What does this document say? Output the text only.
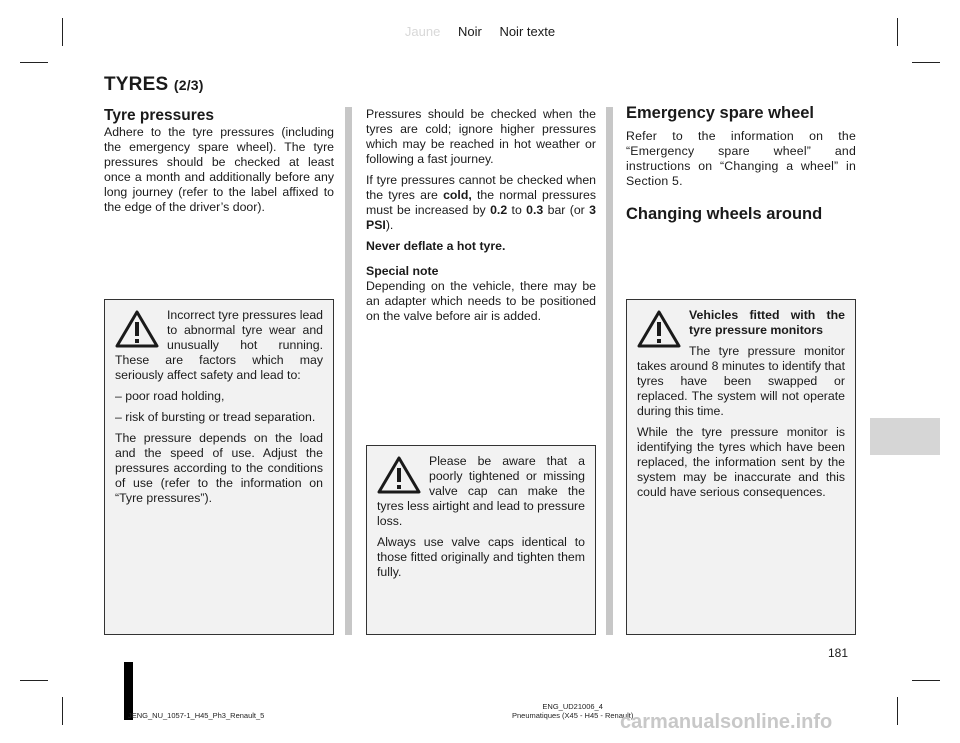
Jaune Noir Noir texte
TYRES (2/3)
Tyre pressures

Adhere to the tyre pressures (including the emergency spare wheel). The tyre pressures should be checked at least once a month and additionally before any long journey (refer to the label affixed to the edge of the driver’s door).

Incorrect tyre pressures lead to abnormal tyre wear and unusually hot running. These are factors which may seriously affect safety and lead to:

– poor road holding,

– risk of bursting or tread separation.

The pressure depends on the load and the speed of use. Adjust the pressures according to the conditions of use (refer to the information on “Tyre pressures”).

Pressures should be checked when the tyres are cold; ignore higher pressures which may be reached in hot weather or following a fast journey.

If tyre pressures cannot be checked when the tyres are cold, the normal pressures must be increased by 0.2 to 0.3 bar (or 3 PSI).

Never deflate a hot tyre.

Special note

Depending on the vehicle, there may be an adapter which needs to be positioned on the valve before air is added.

Please be aware that a poorly tightened or missing valve cap can make the tyres less airtight and lead to pressure loss.

Always use valve caps identical to those fitted originally and tighten them fully.

Emergency spare wheel

Refer to the information on the “Emergency spare wheel” and instructions on “Changing a wheel” in Section 5.

Changing wheels around

Vehicles fitted with the tyre pressure monitors

The tyre pressure monitor takes around 8 minutes to identify that tyres have been swapped or replaced. The system will not operate during this time.

While the tyre pressure monitor is identifying the tyres which have been replaced, the information sent by the system may be inaccurate and this could have serious consequences.

181
JENG_NU_1057-1_H45_Ph3_Renault_5
ENG_UD21006_4
Pneumatiques (X45 - H45 - Renault)
carmanualsonline.info
